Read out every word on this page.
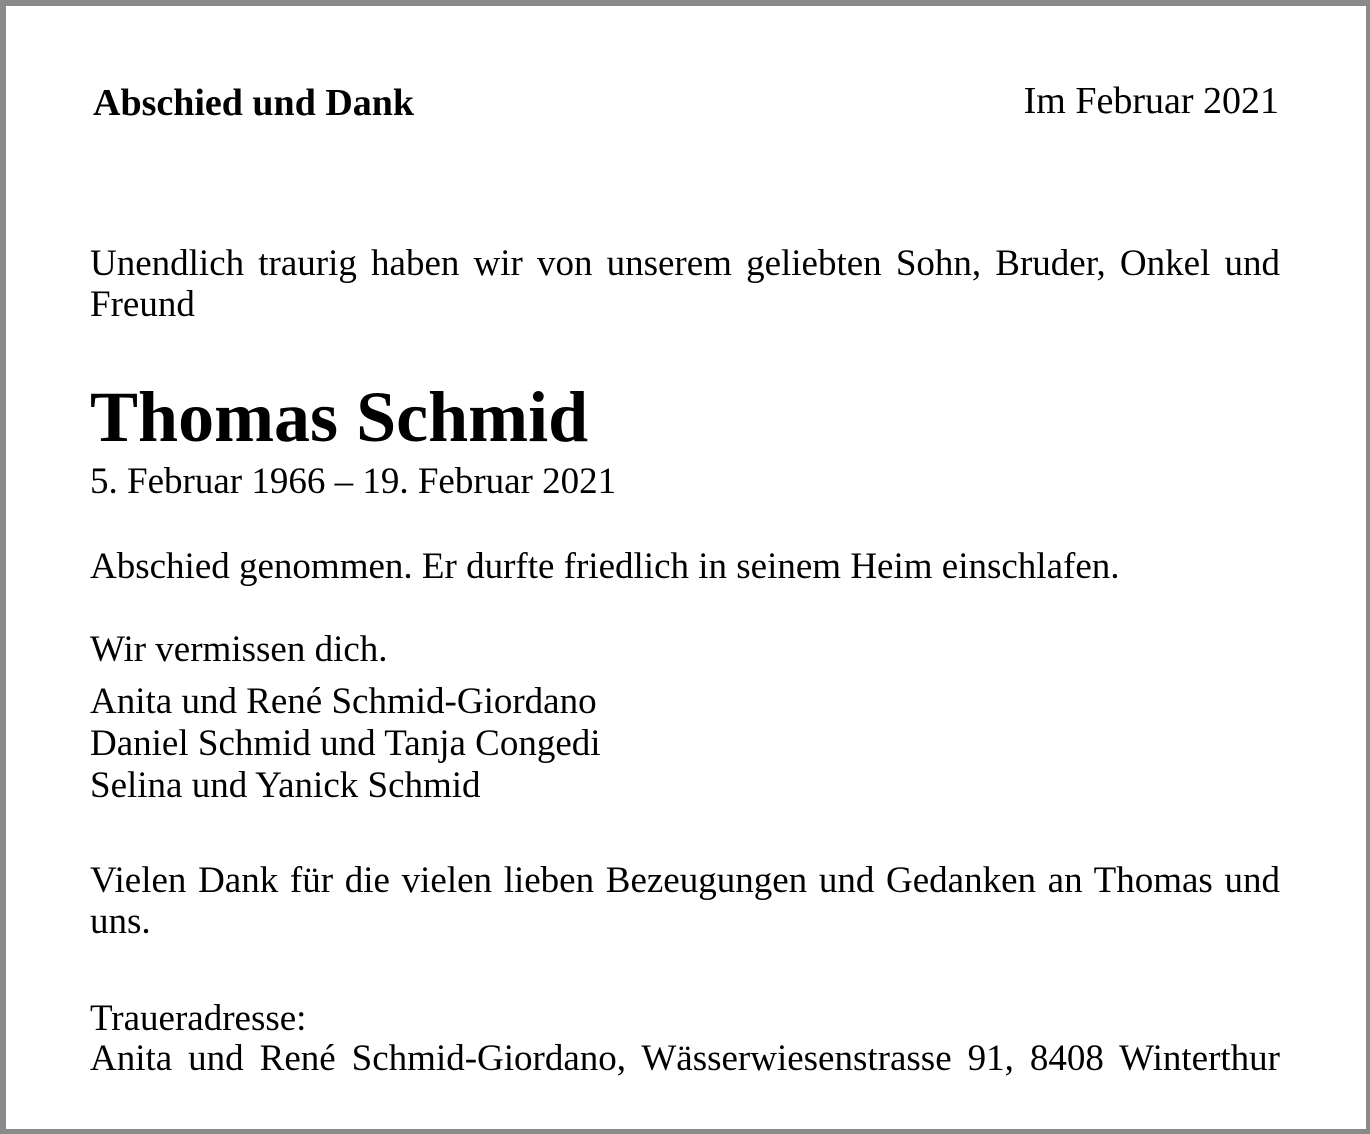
Abschied und Dank	Im Februar 2021
Unendlich traurig haben wir von unserem geliebten Sohn, Bruder, Onkel und Freund
Thomas Schmid
5. Februar 1966 – 19. Februar 2021
Abschied genommen. Er durfte friedlich in seinem Heim einschlafen.
Wir vermissen dich.
Anita und René Schmid-Giordano
Daniel Schmid und Tanja Congedi
Selina und Yanick Schmid
Vielen Dank für die vielen lieben Bezeugungen und Gedanken an Thomas und uns.
Traueradresse:
Anita und René Schmid-Giordano, Wässerwiesenstrasse 91, 8408 Winterthur
